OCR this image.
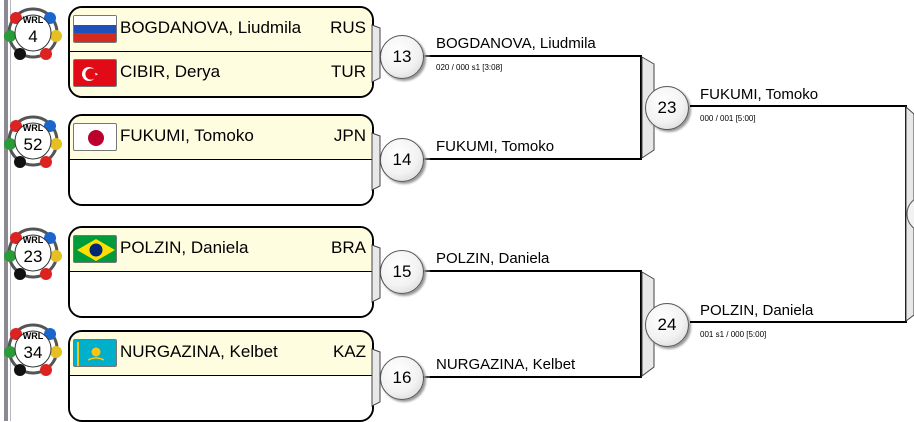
WRL
4
WRL
52
WRL
23
WRL
34
BOGDANOVA, Liudmila RUS
CIBIR, Derya	TUR
FUKUMI, Tomoko	JPN
POLZIN, Daniela	BRA
NURGAZINA, Kelbet	KAZ
13
14
15
16
BOGDANOVA, Liudmila
020 / 000 s1 [3:08]
FUKUMI, Tomoko
POLZIN, Daniela
NURGAZINA, Kelbet
23
24
FUKUMI, Tomoko
000 / 001 [5:00]
POLZIN, Daniela
001 s1 / 000 [5:00]
